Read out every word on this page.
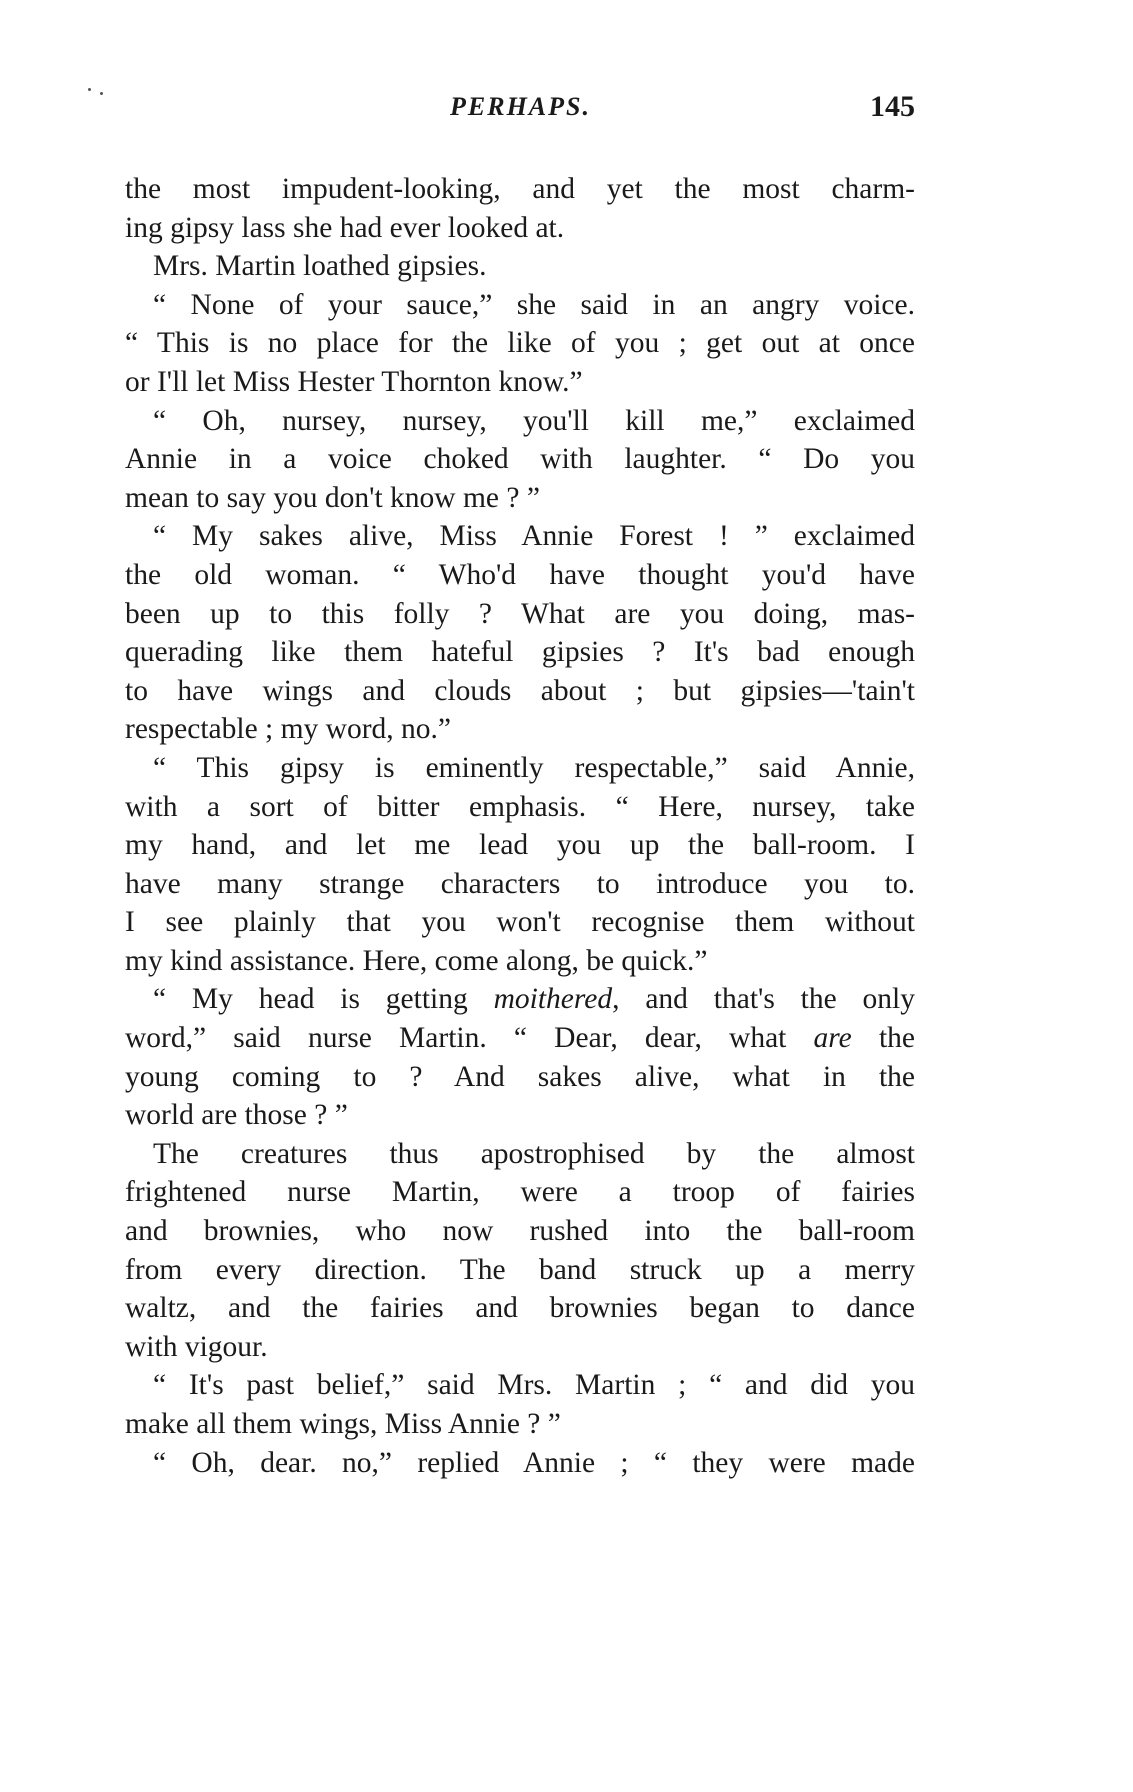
PERHAPS.	145
the most impudent-looking, and yet the most charm-
ing gipsy lass she had ever looked at.
Mrs. Martin loathed gipsies.
“ None of your sauce,” she said in an angry voice.
“ This is no place for the like of you ; get out at once
or I'll let Miss Hester Thornton know.”
“ Oh, nursey, nursey, you'll kill me,” exclaimed
Annie in a voice choked with laughter. “ Do you
mean to say you don't know me ? ”
“ My sakes alive, Miss Annie Forest ! ” exclaimed
the old woman. “ Who'd have thought you'd have
been up to this folly ? What are you doing, mas-
querading like them hateful gipsies ? It's bad enough
to have wings and clouds about ; but gipsies—'tain't
respectable ; my word, no.”
“ This gipsy is eminently respectable,” said Annie,
with a sort of bitter emphasis. “ Here, nursey, take
my hand, and let me lead you up the ball-room. I
have many strange characters to introduce you to.
I see plainly that you won't recognise them without
my kind assistance. Here, come along, be quick.”
“ My head is getting moithered, and that's the only
word,” said nurse Martin. “ Dear, dear, what are the
young coming to ? And sakes alive, what in the
world are those ? ”
The creatures thus apostrophised by the almost
frightened nurse Martin, were a troop of fairies
and brownies, who now rushed into the ball-room
from every direction. The band struck up a merry
waltz, and the fairies and brownies began to dance
with vigour.
“ It's past belief,” said Mrs. Martin ; “ and did you
make all them wings, Miss Annie ? ”
“ Oh, dear. no,” replied Annie ; “ they were made
